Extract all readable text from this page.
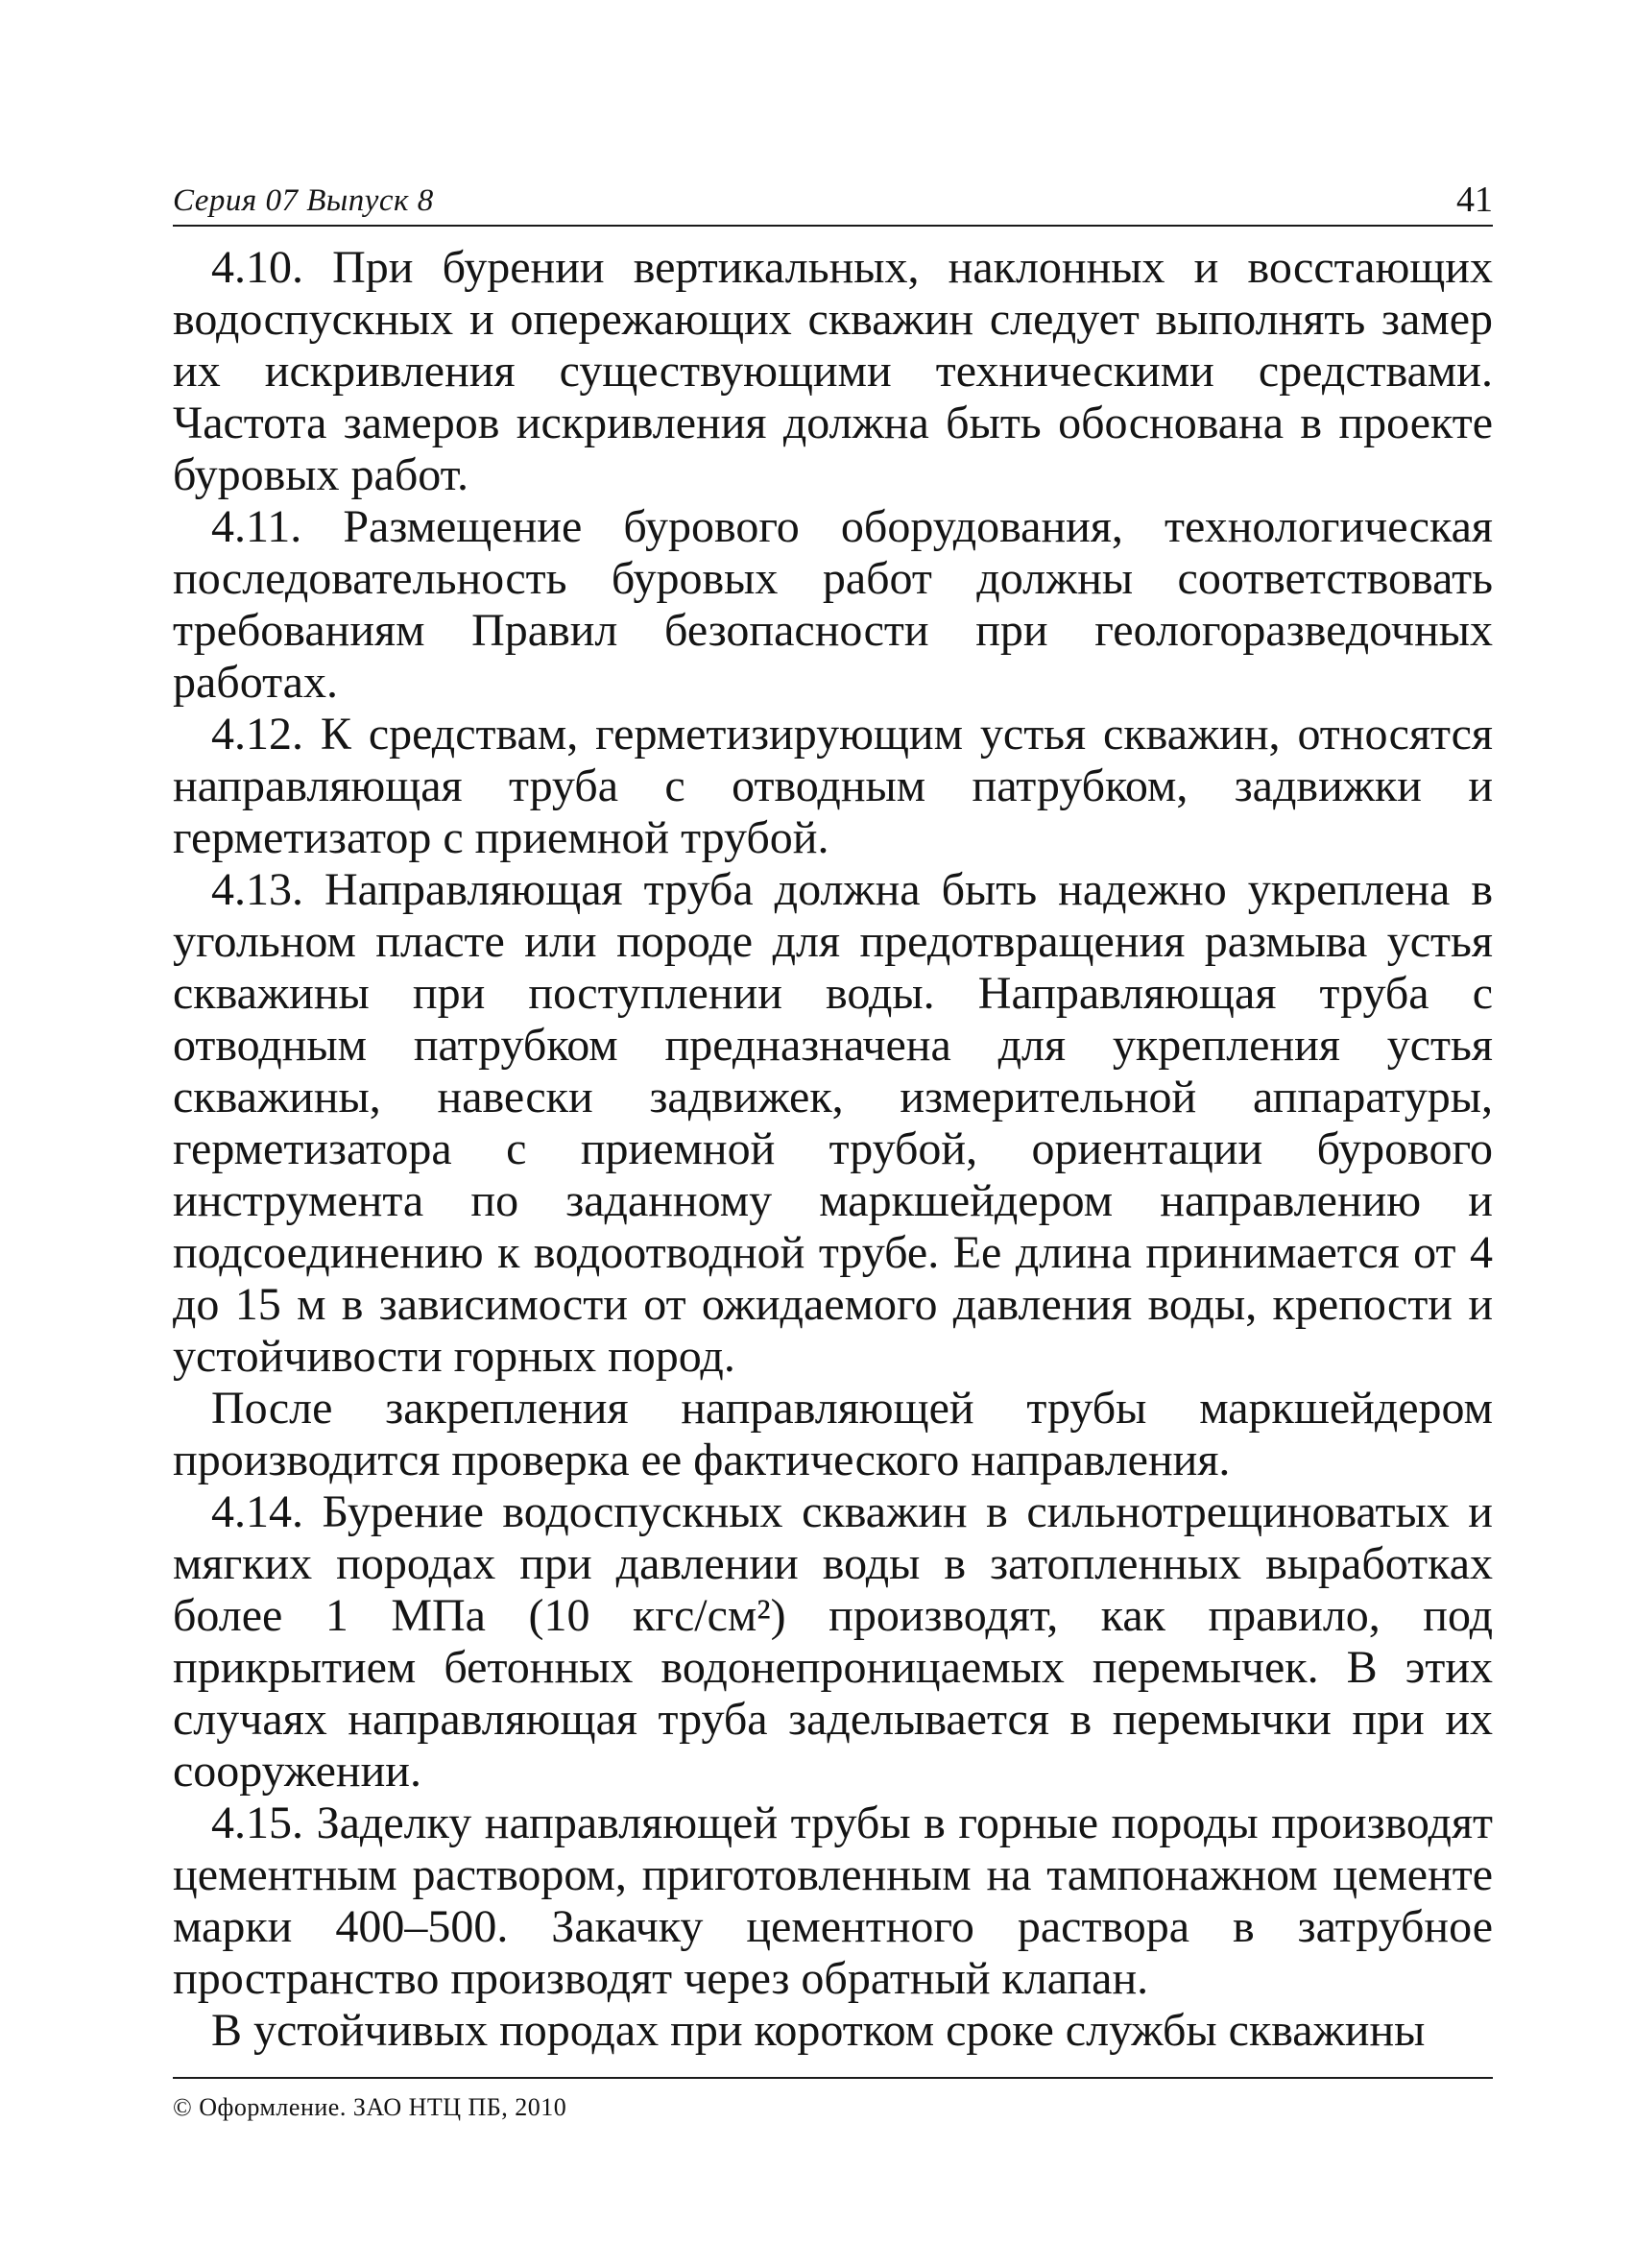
Серия 07 Выпуск 8	41

4.10. При бурении вертикальных, наклонных и восстающих водоспускных и опережающих скважин следует выполнять замер их искривления существующими техническими средствами. Частота замеров искривления должна быть обоснована в проекте буровых работ.

4.11. Размещение бурового оборудования, технологическая последовательность буровых работ должны соответствовать требованиям Правил безопасности при геологоразведочных работах.

4.12. К средствам, герметизирующим устья скважин, относятся направляющая труба с отводным патрубком, задвижки и герметизатор с приемной трубой.

4.13. Направляющая труба должна быть надежно укреплена в угольном пласте или породе для предотвращения размыва устья скважины при поступлении воды. Направляющая труба с отводным патрубком предназначена для укрепления устья скважины, навески задвижек, измерительной аппаратуры, герметизатора с приемной трубой, ориентации бурового инструмента по заданному маркшейдером направлению и подсоединению к водоотводной трубе. Ее длина принимается от 4 до 15 м в зависимости от ожидаемого давления воды, крепости и устойчивости горных пород.

После закрепления направляющей трубы маркшейдером производится проверка ее фактического направления.

4.14. Бурение водоспускных скважин в сильнотрещиноватых и мягких породах при давлении воды в затопленных выработках более 1 МПа (10 кгс/см²) производят, как правило, под прикрытием бетонных водонепроницаемых перемычек. В этих случаях направляющая труба заделывается в перемычки при их сооружении.

4.15. Заделку направляющей трубы в горные породы производят цементным раствором, приготовленным на тампонажном цементе марки 400–500. Закачку цементного раствора в затрубное пространство производят через обратный клапан.

В устойчивых породах при коротком сроке службы скважины

© Оформление. ЗАО НТЦ ПБ, 2010
